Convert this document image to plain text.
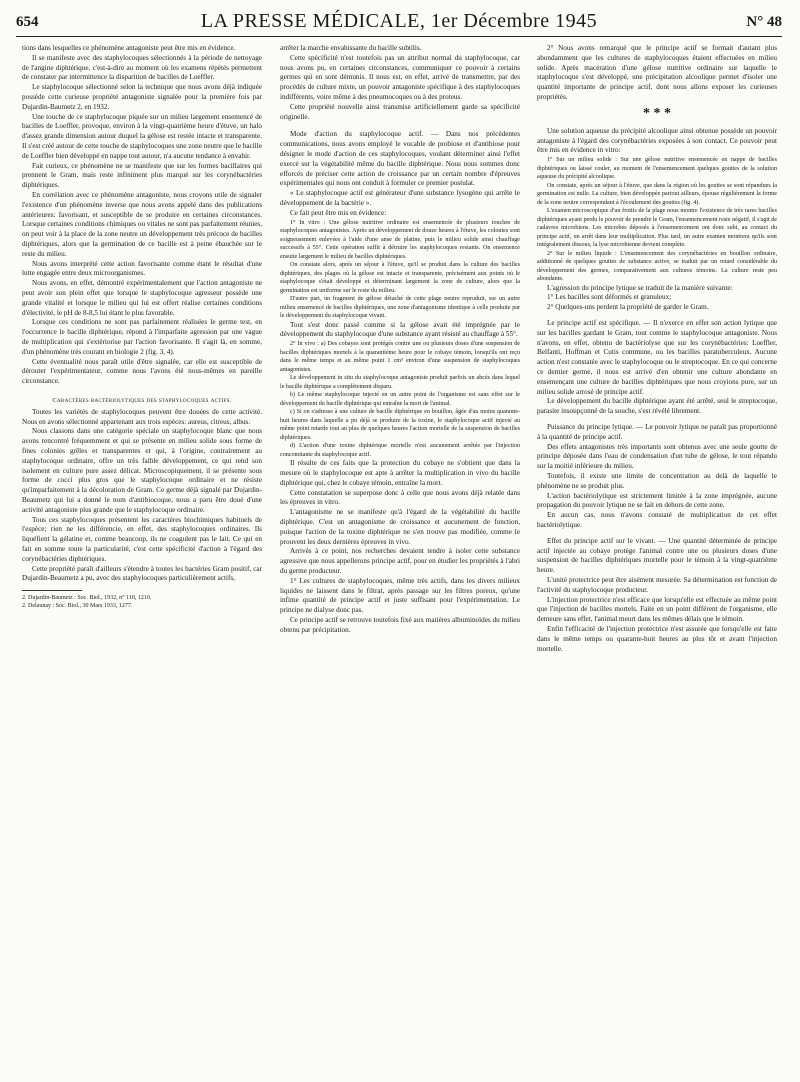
654	LA PRESSE MÉDICALE, 1er Décembre 1945	N° 48

tions dans lesquelles ce phénomène antagoniste peut être mis en évidence.

Il se manifeste avec des staphylocoques sélectionnés à la période de nettoyage de l'angine diphtérique, c'est-à-dire au moment où les examens répétés permettent de constater par intermittence la disparition de bacilles de Loeffler.

Le staphylocoque sélectionné selon la technique que nous avons déjà indiquée possède cette curieuse propriété antagoniste signalée pour la première fois par Dujardin-Baumetz 2, en 1932.

Une touche de ce staphylocoque piquée sur un milieu largement ensemencé de bacilles de Loeffler, provoque, environ à la vingt-quatrième heure d'étuve, un halo d'assez grande dimension autour duquel la gélose est restée intacte et transparente. Il s'est créé autour de cette touche de staphylocoques une zone neutre que le bacille de Loeffler bien développé en nappe tout autour, n'a aucune tendance à envahir.

Fait curieux, ce phénomène ne se manifeste que sur les formes bacillaires qui prennent le Gram, mais reste infiniment plus marqué sur les corynébactéries diphtériques.

En corrélation avec ce phénomène antagoniste, nous croyons utile de signaler l'existence d'un phénomène inverse que nous avons appelé dans des publications antérieures: favorisant, et susceptible de se produire en certaines circonstances. Lorsque certaines conditions chimiques ou vitales ne sont pas parfaitement réunies, on peut voir à la place de la zone neutre un développement très précoce de bacilles diphtériques, alors que la germination de ce bacille est à peine ébauchée sur le reste du milieu.

Nous avons interprété cette action favorisante comme étant le résultat d'une lutte engagée entre deux microorganismes.

Nous avons, en effet, démontré expérimentalement que l'action antagoniste ne peut avoir son plein effet que lorsque le staphylocoque agresseur possède une grande vitalité et lorsque le milieu qui lui est offert réalise certaines conditions d'électivité, le pH de 8-8,5 lui étant le plus favorable.

Lorsque ces conditions ne sont pas parfaitement réalisées le germe test, en l'occurrence le bacille diphtérique, répond à l'imparfaite agression par une vague de multiplication qui s'extériorise par l'action favorisante. Il s'agit là, en somme, d'un phénomène très courant en biologie 2 (fig. 3, 4).

Cette éventualité nous paraît utile d'être signalée, car elle est susceptible de dérouter l'expérimentateur, comme nous l'avons été nous-mêmes en pareille circonstance.

Caractères bactériolytiques des staphylocoques actifs.

Toutes les variétés de staphylocoques peuvent être douées de cette activité. Nous en avons sélectionné appartenant aux trois espèces: aureus, citreus, albus.

Nous classons dans une catégorie spéciale un staphylocoque blanc que nous avons rencontré fréquemment et qui se présente en milieu solide sous forme de fines colonies grêles et transparentes et qui, à l'origine, contrairement au staphylocoque ordinaire, offre un très faible développement, ce qui rend son isolement en culture pure assez délicat. Microscopiquement, il se présente sous forme de cocci plus gros que le staphylocoque ordinaire et ne résiste qu'imparfaitement à la décoloration de Gram. Ce germe déjà signalé par Dujardin-Beaumetz qui lui a donné le nom d'antibiocoque, nous a paru être doué d'une activité antagoniste plus grande que le staphylocoque ordinaire.

Tous ces staphylocoques présentent les caractères biochimiques habituels de l'espèce; rien ne les différencie, en effet, des staphylocoques ordinaires. Ils liquéfient la gélatine et, comme beaucoup, ils ne coagulent pas le lait. Ce qui en fait en somme toute la particularité, c'est cette spécificité d'action à l'égard des corynébactéries diphtériques.

Cette propriété paraît d'ailleurs s'étendre à toutes les bactéries Gram positif, car Dujardin-Beaumetz a pu, avec des staphylocoques particulièrement actifs,

2. Dujardin-Baumetz : Soc. Biol., 1932, n° 110, 1210.

2. Delaunay : Soc. Biol., 30 Mars 1933, 1277.

arrêter la marche envahissante du bacille subtilis.

Cette spécificité n'est toutefois pas un attribut normal du staphylocoque, car nous avons pu, en certaines circonstances, communiquer ce pouvoir à certains germes qui en sont démunis. Il nous est, en effet, arrivé de transmettre, par des procédés de culture mixte, un pouvoir antagoniste spécifique à des staphylocoques indifférents, voire même à des pneumocoques ou à des proteus.

Cette propriété nouvelle ainsi transmise artificiellement garde sa spécificité originelle.

Mode d'action du staphylocoque actif. — Dans nos précédentes communications, nous avons employé le vocable de probiose et d'antibiose pour désigner le mode d'action de ces staphylocoques, voulant déterminer ainsi l'effet exercé sur la végétabilité même du bacille diphtérique. Nous nous sommes donc efforcés de préciser cette action de croissance par un certain nombre d'épreuves expérimentales qui nous ont conduit à formuler ce premier postulat.

« Le staphylocoque actif est générateur d'une substance lysogène qui arrête le développement de la bactérie ».

Ce fait peut être mis en évidence:

1° In vitro : Une gélose nutritive ordinaire est ensemencée de plusieurs touches de staphylocoques antagonistes. Après un développement de douze heures à l'étuve, les colonies sont soigneusement enlevées à l'aide d'une anse de platine, puis le milieu solide ainsi chauffage successifs à 55°. Cette opération suffit à détruire les staphylocoques restants. On ensemence ensuite largement le milieu de bacilles diphtériques.

On constate alors, après un séjour à l'étuve, qu'il se produit dans la culture des bacilles diphtériques, des plages où la gélose est intacte et transparente, précisément aux points où le staphylocoque s'était développé et déterminant largement la zone de culture, alors que la germination est uniforme sur le reste du milieu.

D'autre part, un fragment de gélose détaché de cette plage neutre reproduit, sur un autre milieu ensemencé de bacilles diphtériques, une zone d'antagonisme identique à celle produite par le développement du staphylocoque vivant.

Tout s'est donc passé comme si la gélose avait été imprégnée par le développement du staphylocoque d'une substance ayant résisté au chauffage à 55°.

2° In vivo : a) Des cobayes sont protégés contre une ou plusieurs doses d'une suspension de bacilles diphtériques mortels à la quarantième heure pour le cobaye témoin, lorsqu'ils ont reçu dans le même temps et au même point 1 cm³ environ d'une suspension de staphylocoques antagonistes.

Le développement in situ du staphylocoque antagoniste produit parfois un abcès dans lequel le bacille diphtérique a complètement disparu.

b) Le même staphylocoque injecté en un autre point de l'organisme est sans effet sur le développement du bacille diphtérique qui entraîne la mort de l'animal.

c) Si on s'adresse à une culture de bacille diphtérique en bouillon, âgée d'au moins quarante-huit heures dans laquelle a pu déjà se produire de la toxine, le staphylocoque actif injecté au même point retarde tout au plus de quelques heures l'action mortelle de la suspension de bacilles diphtériques.

d) L'action d'une toxine diphtérique mortelle n'est aucunement arrêtée par l'injection concomitante du staphylocoque actif.

Il résulte de ces faits que la protection du cobaye ne s'obtient que dans la mesure où le staphylocoque est apte à arrêter la multiplication in vivo du bacille diphtérique qui, chez le cobaye témoin, entraîne la mort.

Cette constatation se superpose donc à celle que nous avons déjà relatée dans les épreuves in vitro.

L'antagonisme ne se manifeste qu'à l'égard de la végétabilité du bacille diphtérique. C'est un antagonisme de croissance et aucunement de fonction, puisque l'action de la toxine diphtérique ne s'en trouve pas modifiée, comme le prouvent les deux dernières épreuves in vivo.

Arrivés à ce point, nos recherches devaient tendre à isoler cette substance agressive que nous appellerons principe actif, pour en étudier les propriétés à l'abri du germe producteur.

1° Les cultures de staphylocoques, même très actifs, dans les divers milieux liquides ne laissent dans le filtrat, après passage sur les filtres poreux, qu'une infime quantité de principe actif et juste suffisant pour l'expérimentation. Le principe ne dialyse donc pas.

Ce principe actif se retrouve toutefois fixé aux matières albuminoïdes du milieu obtenu par précipitation.

2° Nous avons remarqué que le principe actif se formait d'autant plus abondamment que les cultures de staphylocoques étaient effectuées en milieu solide. Après macération d'une gélose nutritive ordinaire sur laquelle le staphylocoque s'est développé, une précipitation alcoolique permet d'isoler une quantité importante de principe actif, dont nous allons exposer les curieuses propriétés.

* * *

Une solution aqueuse du précipité alcoolique ainsi obtenue possède un pouvoir antagoniste à l'égard des corynébactéries exposées à son contact. Ce pouvoir peut être mis en évidence in vitro:

1° Sur un milieu solide : Sur une gélose nutritive ensemencée en nappe de bacilles diphtériques ou laissé couler, au moment de l'ensemencement quelques gouttes de la solution aqueuse du précipité alcoolique.

On constate, après un séjour à l'étuve, que dans la région où les gouttes se sont répandues la germination est nulle. La culture, bien développée partout ailleurs, épouse régulièrement la forme de la zone neutre correspondant à l'écoulement des gouttes (fig. 4).

L'examen microscopique d'un frottis de la plage nous montre l'existence de très rares bacilles diphtériques ayant perdu le pouvoir de prendre le Gram, l'ensemencement reste négatif, il s'agit de cadavres microbiens. Les microbes déposés à l'ensemencement ont donc subi, au contact du principe actif, un arrêt dans leur multiplication. Plus tard, un autre examen montrera qu'ils sont intégralement dissous, la lyse microbienne devient complète.

2° Sur le milieu liquide : L'ensemencement des corynébactéries en bouillon ordinaire, additionné de quelques gouttes de substance active, se traduit par un retard considérable du développement des germes, comparativement aux cultures témoins. La culture reste peu abondante.

L'agression du principe lytique se traduit de la manière suivante:

1° Les bacilles sont déformés et granuleux;

2° Quelques-uns perdent la propriété de garder le Gram.

Le principe actif est spécifique. — Il n'exerce en effet son action lytique que sur les bacilles gardant le Gram, tout comme le staphylocoque antagoniste. Nous n'avons, en effet, obtenu de bactériolyse que sur les corynébactéries: Loeffler, Belfanti, Hoffman et Cutis commune, ou les bacilles paratuberculeux. Aucune action n'est constatée avec le staphylocoque ou le streptocoque. En ce qui concerne ce dernier germe, il nous est arrivé d'en obtenir une culture abondante en ensemençant une culture de bacilles diphtériques que nous croyions pure, sur un milieu solide arrosé de principe actif.

Le développement du bacille diphtérique ayant été arrêté, seul le streptocoque, parasite insoupçonné de la souche, s'est révélé librement.

Puissance du principe lytique. — Le pouvoir lytique ne paraît pas proportionné à la quantité de principe actif.

Des effets antagonistes très importants sont obtenus avec une seule goutte de principe déposée dans l'eau de condensation d'un tube de gélose, le tout répandu sur la moitié inférieure du milieu.

Toutefois, il existe une limite de concentration au delà de laquelle le phénomène ne se produit plus.

L'action bactériolytique est strictement limitée à la zone imprégnée, aucune propagation du pouvoir lytique ne se fait en dehors de cette zone.

En aucun cas, nous n'avons constaté de multiplication de cet effet bactériolytique.

Effet du principe actif sur le vivant. — Une quantité déterminée de principe actif injectée au cobaye protège l'animal contre une ou plusieurs doses d'une suspension de bacilles diphtériques mortelle pour le témoin à la vingt-quatrième heure.

L'unité protectrice peut être aisément mesurée. Sa détermination est fonction de l'activité du staphylocoque producteur.

L'injection protectrice n'est efficace que lorsqu'elle est effectuée au même point que l'injection de bacilles mortels. Faite en un point différent de l'organisme, elle demeure sans effet, l'animal meurt dans les mêmes délais que le témoin.

Enfin l'efficacité de l'injection protectrice n'est assurée que lorsqu'elle est faite dans le même temps ou quarante-huit heures au plus tôt et avant l'injection mortelle.
